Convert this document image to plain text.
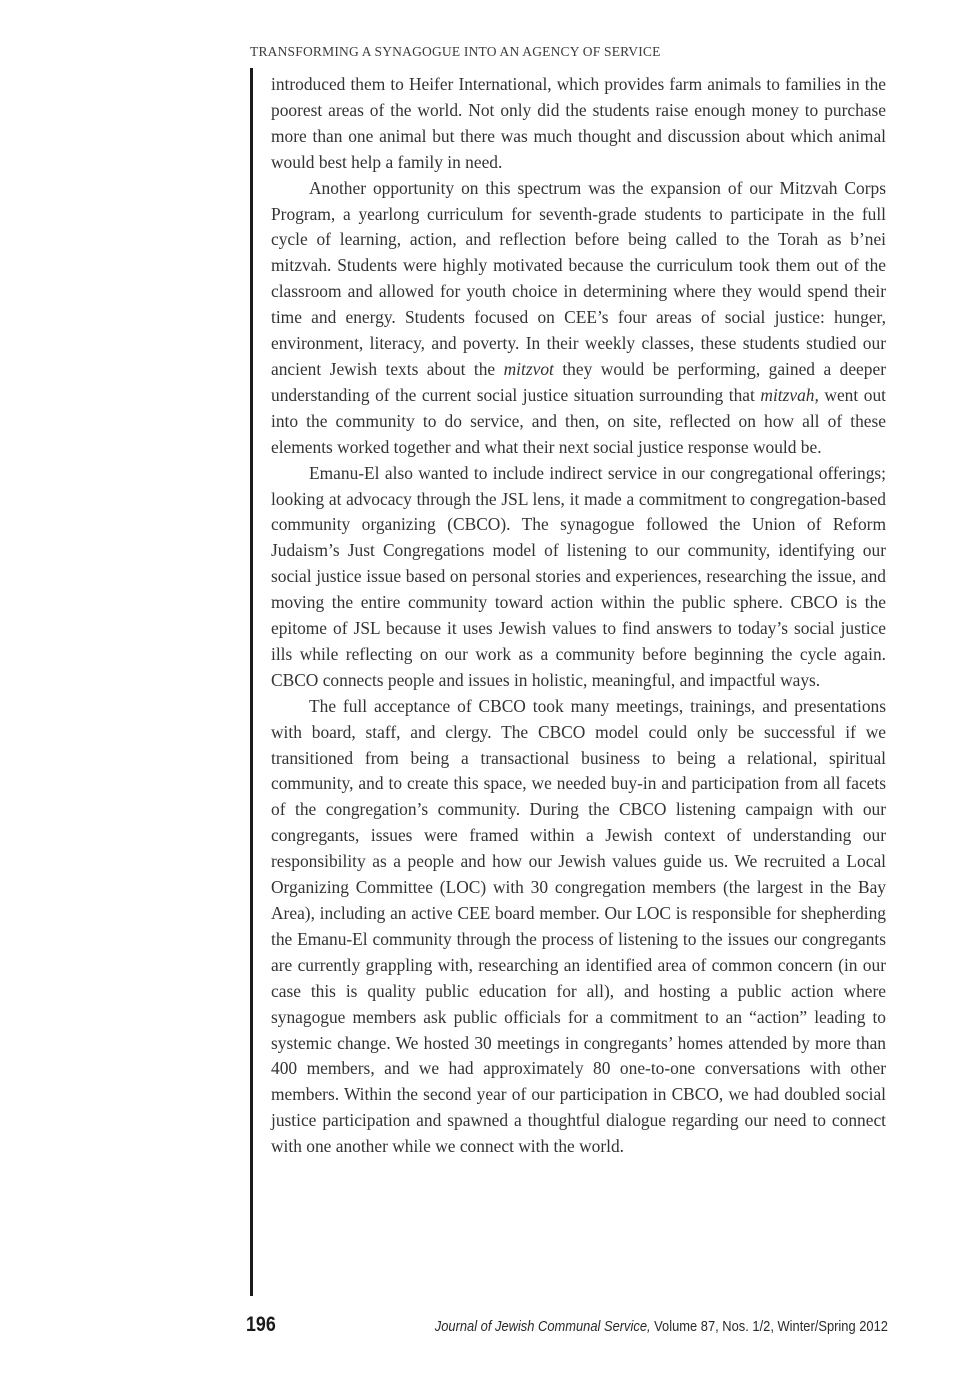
TRANSFORMING A SYNAGOGUE INTO AN AGENCY OF SERVICE

introduced them to Heifer International, which provides farm animals to families in the poorest areas of the world. Not only did the students raise enough money to purchase more than one animal but there was much thought and discussion about which animal would best help a family in need.

Another opportunity on this spectrum was the expansion of our Mitzvah Corps Program, a yearlong curriculum for seventh-grade students to participate in the full cycle of learning, action, and reflection before being called to the Torah as b’nei mitzvah. Students were highly motivated because the curriculum took them out of the classroom and allowed for youth choice in determining where they would spend their time and energy. Students focused on CEE’s four areas of social justice: hunger, environment, literacy, and poverty. In their weekly classes, these students studied our ancient Jewish texts about the mitzvot they would be performing, gained a deeper understanding of the current social justice situation surrounding that mitzvah, went out into the community to do service, and then, on site, reflected on how all of these elements worked together and what their next social justice response would be.

Emanu-El also wanted to include indirect service in our congregational offerings; looking at advocacy through the JSL lens, it made a commitment to congregation-based community organizing (CBCO). The synagogue followed the Union of Reform Judaism’s Just Congregations model of listening to our community, identifying our social justice issue based on personal stories and experiences, researching the issue, and moving the entire community toward action within the public sphere. CBCO is the epitome of JSL because it uses Jewish values to find answers to today’s social justice ills while reflecting on our work as a community before beginning the cycle again. CBCO connects people and issues in holistic, meaningful, and impactful ways.

The full acceptance of CBCO took many meetings, trainings, and presentations with board, staff, and clergy. The CBCO model could only be successful if we transitioned from being a transactional business to being a relational, spiritual community, and to create this space, we needed buy-in and participation from all facets of the congregation’s community. During the CBCO listening campaign with our congregants, issues were framed within a Jewish context of understanding our responsibility as a people and how our Jewish values guide us. We recruited a Local Organizing Committee (LOC) with 30 congregation members (the largest in the Bay Area), including an active CEE board member. Our LOC is responsible for shepherding the Emanu-El community through the process of listening to the issues our congregants are currently grappling with, researching an identified area of common concern (in our case this is quality public education for all), and hosting a public action where synagogue members ask public officials for a commitment to an “action” leading to systemic change. We hosted 30 meetings in congregants’ homes attended by more than 400 members, and we had approximately 80 one-to-one conversations with other members. Within the second year of our participation in CBCO, we had doubled social justice participation and spawned a thoughtful dialogue regarding our need to connect with one another while we connect with the world.

196	Journal of Jewish Communal Service, Volume 87, Nos. 1/2, Winter/Spring 2012
